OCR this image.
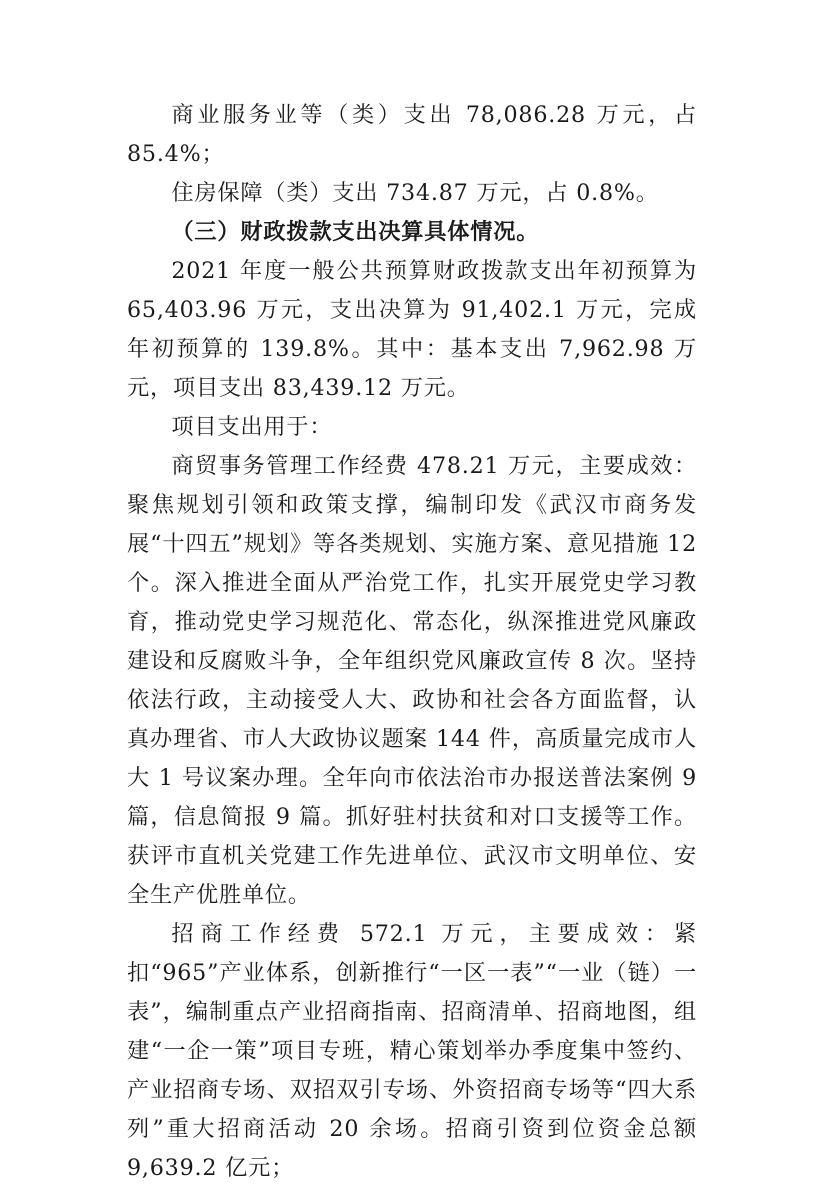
商业服务业等（类）支出 78,086.28 万元，占 85.4%；

住房保障（类）支出 734.87 万元，占 0.8%。

（三）财政拨款支出决算具体情况。

2021 年度一般公共预算财政拨款支出年初预算为 65,403.96 万元，支出决算为 91,402.1 万元，完成年初预算的 139.8%。其中：基本支出 7,962.98 万元，项目支出 83,439.12 万元。

项目支出用于：

商贸事务管理工作经费 478.21 万元，主要成效：聚焦规划引领和政策支撑，编制印发《武汉市商务发展“十四五”规划》等各类规划、实施方案、意见措施 12 个。深入推进全面从严治党工作，扎实开展党史学习教育，推动党史学习规范化、常态化，纵深推进党风廉政建设和反腐败斗争，全年组织党风廉政宣传 8 次。坚持依法行政，主动接受人大、政协和社会各方面监督，认真办理省、市人大政协议题案 144 件，高质量完成市人大 1 号议案办理。全年向市依法治市办报送普法案例 9 篇，信息简报 9 篇。抓好驻村扶贫和对口支援等工作。获评市直机关党建工作先进单位、武汉市文明单位、安全生产优胜单位。

招商工作经费 572.1 万元，主要成效：紧扣“965”产业体系，创新推行“一区一表”“一业（链）一表”，编制重点产业招商指南、招商清单、招商地图，组建“一企一策”项目专班，精心策划举办季度集中签约、产业招商专场、双招双引专场、外资招商专场等“四大系列”重大招商活动 20 余场。招商引资到位资金总额 9,639.2 亿元；
